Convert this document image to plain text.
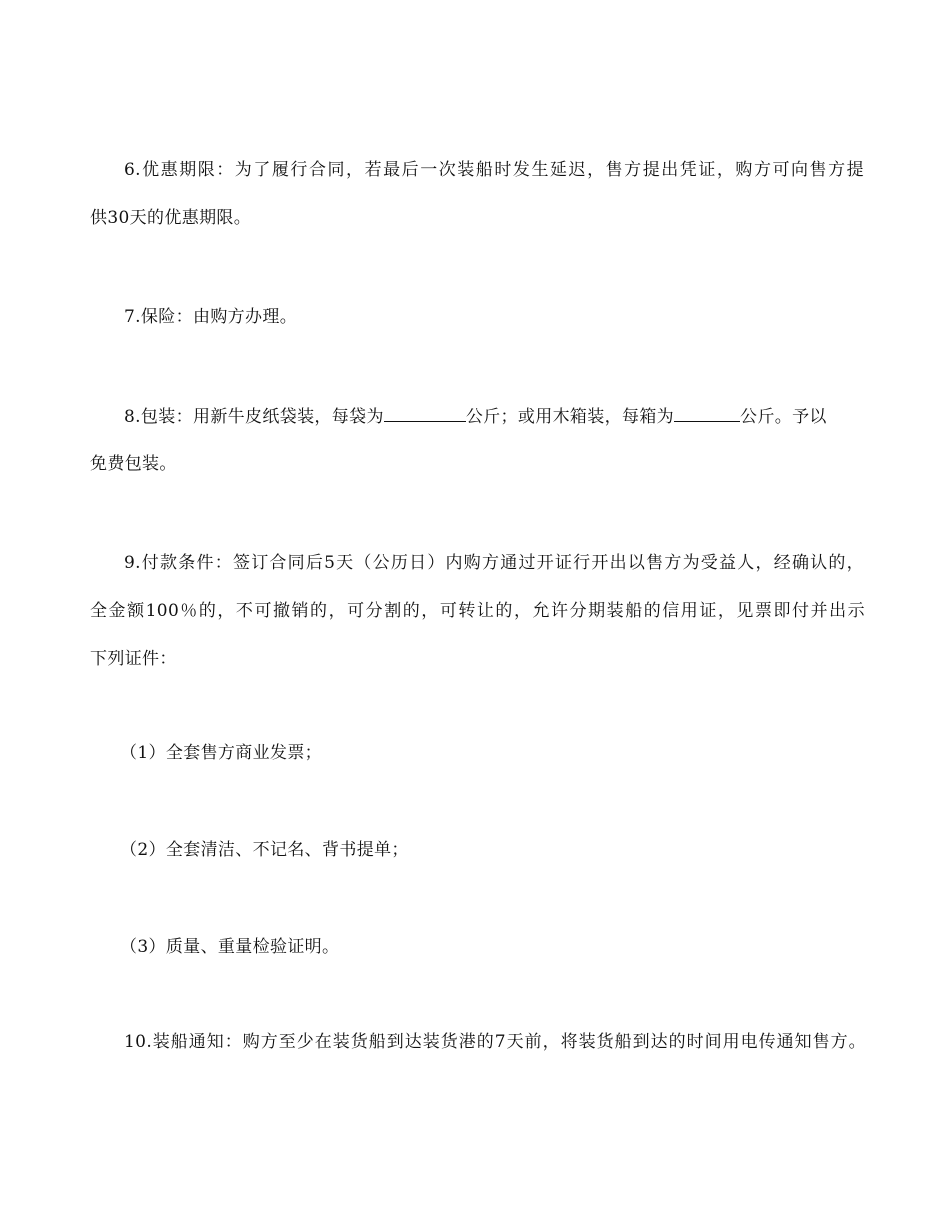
6.优惠期限：为了履行合同，若最后一次装船时发生延迟，售方提出凭证，购方可向售方提
供30天的优惠期限。
7.保险：由购方办理。
8.包装：用新牛皮纸袋装，每袋为	公斤；或用木箱装，每箱为	公斤。予以
免费包装。
9.付款条件：签订合同后5天（公历日）内购方通过开证行开出以售方为受益人，经确认的，
全金额100％的，不可撤销的，可分割的，可转让的，允许分期装船的信用证，见票即付并出示
下列证件：
（1）全套售方商业发票；
（2）全套清洁、不记名、背书提单；
（3）质量、重量检验证明。
10.装船通知：购方至少在装货船到达装货港的7天前，将装货船到达的时间用电传通知售方。
